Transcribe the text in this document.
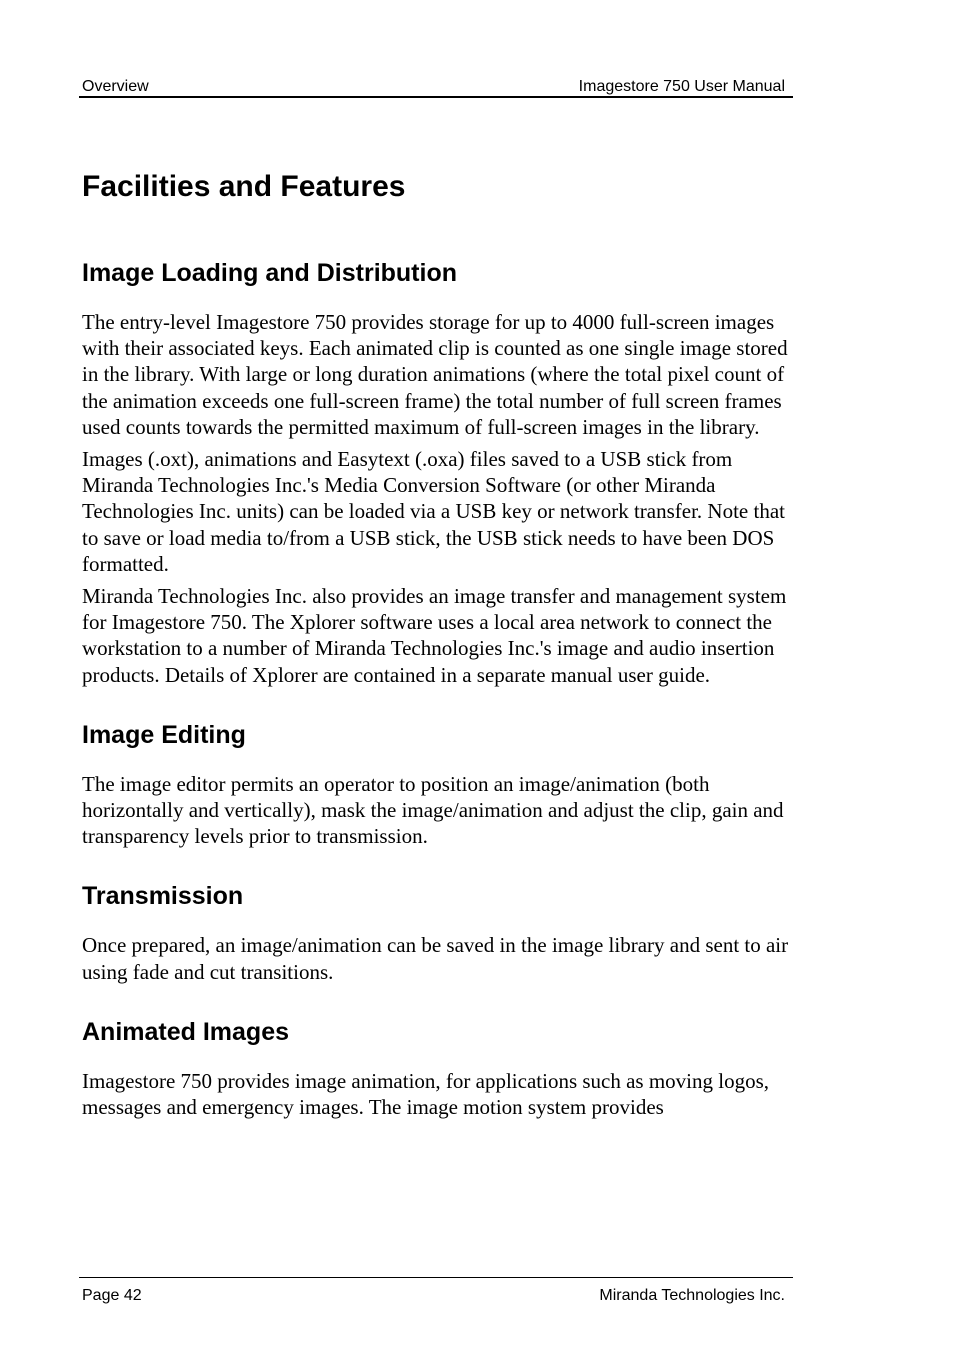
Overview	Imagestore 750 User Manual
Facilities and Features
Image Loading and Distribution

The entry-level Imagestore 750 provides storage for up to 4000 full-screen images with their associated keys. Each animated clip is counted as one single image stored in the library. With large or long duration animations (where the total pixel count of the animation exceeds one full-screen frame) the total number of full screen frames used counts towards the permitted maximum of full-screen images in the library.

Images (.oxt), animations and Easytext (.oxa) files saved to a USB stick from Miranda Technologies Inc.'s Media Conversion Software (or other Miranda Technologies Inc. units) can be loaded via a USB key or network transfer. Note that to save or load media to/from a USB stick, the USB stick needs to have been DOS formatted.

Miranda Technologies Inc. also provides an image transfer and management system for Imagestore 750. The Xplorer software uses a local area network to connect the workstation to a number of Miranda Technologies Inc.'s image and audio insertion products. Details of Xplorer are contained in a separate manual user guide.

Image Editing

The image editor permits an operator to position an image/animation (both horizontally and vertically), mask the image/animation and adjust the clip, gain and transparency levels prior to transmission.

Transmission

Once prepared, an image/animation can be saved in the image library and sent to air using fade and cut transitions.

Animated Images

Imagestore 750 provides image animation, for applications such as moving logos, messages and emergency images. The image motion system provides

Page 42	Miranda Technologies Inc.
